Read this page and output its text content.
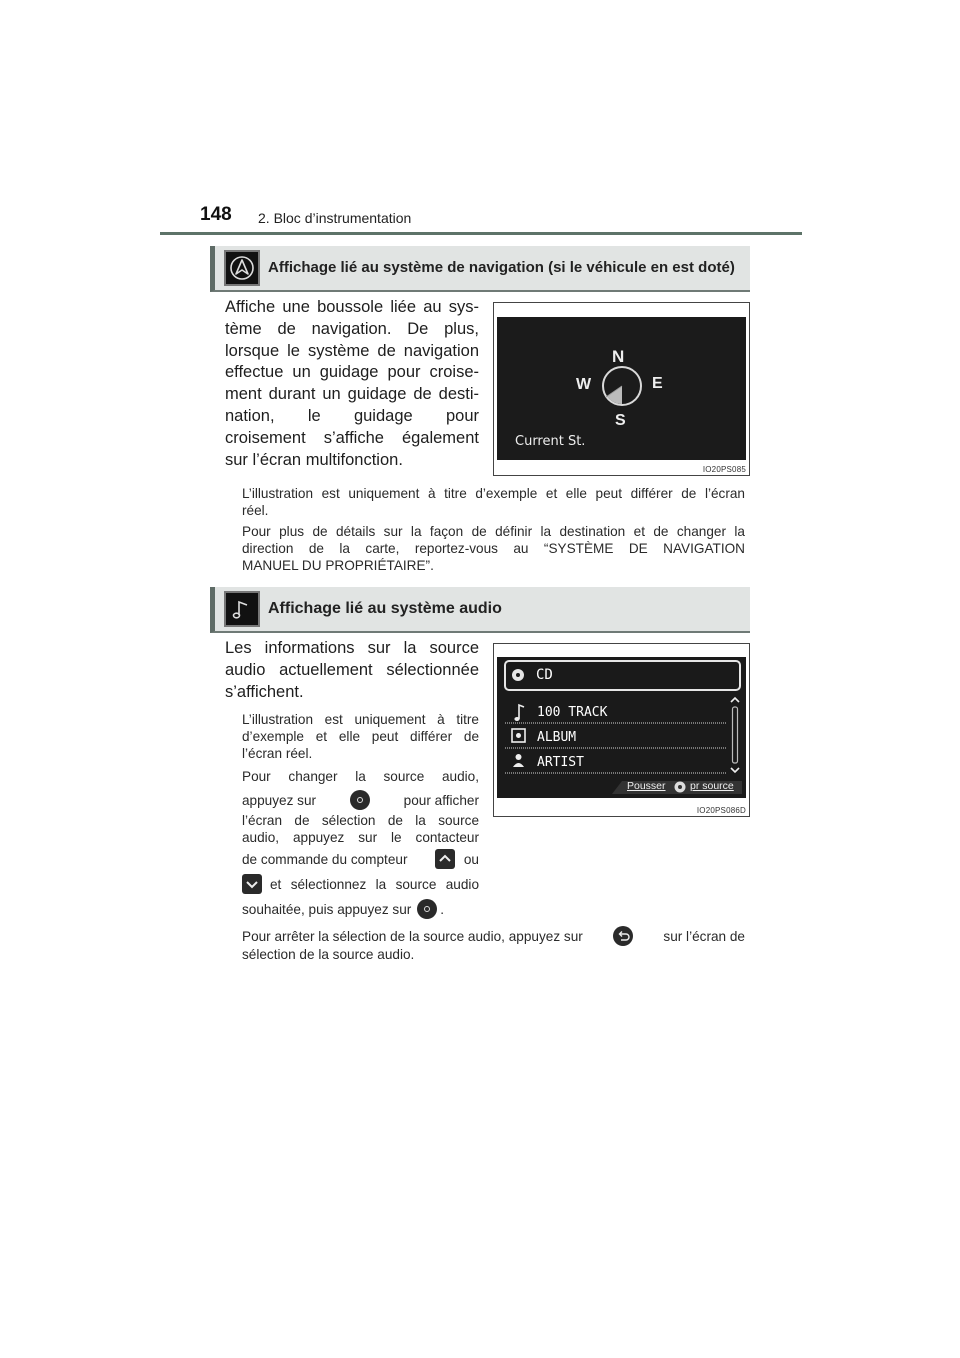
148 2. Bloc d’instrumentation
Affichage lié au système de navigation (si le véhicule en est doté)
Affiche une boussole liée au sys-
tème de navigation. De plus,
lorsque le système de navigation
effectue un guidage pour croise-
ment durant un guidage de desti-
nation, le guidage pour
croisement s’affiche également
sur l’écran multifonction.
N
S
E
W
Current St.
IO20PS085
L’illustration est uniquement à titre d’exemple et elle peut différer de l’écran
réel.
Pour plus de détails sur la façon de définir la destination et de changer la
direction de la carte, reportez-vous au “SYSTÈME DE NAVIGATION
MANUEL DU PROPRIÉTAIRE”.
Affichage lié au système audio
Les informations sur la source
audio actuellement sélectionnée
s’affichent.
L’illustration est uniquement à titre
d’exemple et elle peut différer de
l’écran réel.
Pour changer la source audio,
appuyez sur	pour afficher
l’écran de sélection de la source
audio, appuyez sur le contacteur
de commande du compteur	ou
et sélectionnez la source audio
souhaitée, puis appuyez sur .
Pour arrêter la sélection de la source audio, appuyez sur	sur l’écran de
sélection de la source audio.
CD
100 TRACK
ALBUM
ARTIST
Pousser pr source
IO20PS086D
